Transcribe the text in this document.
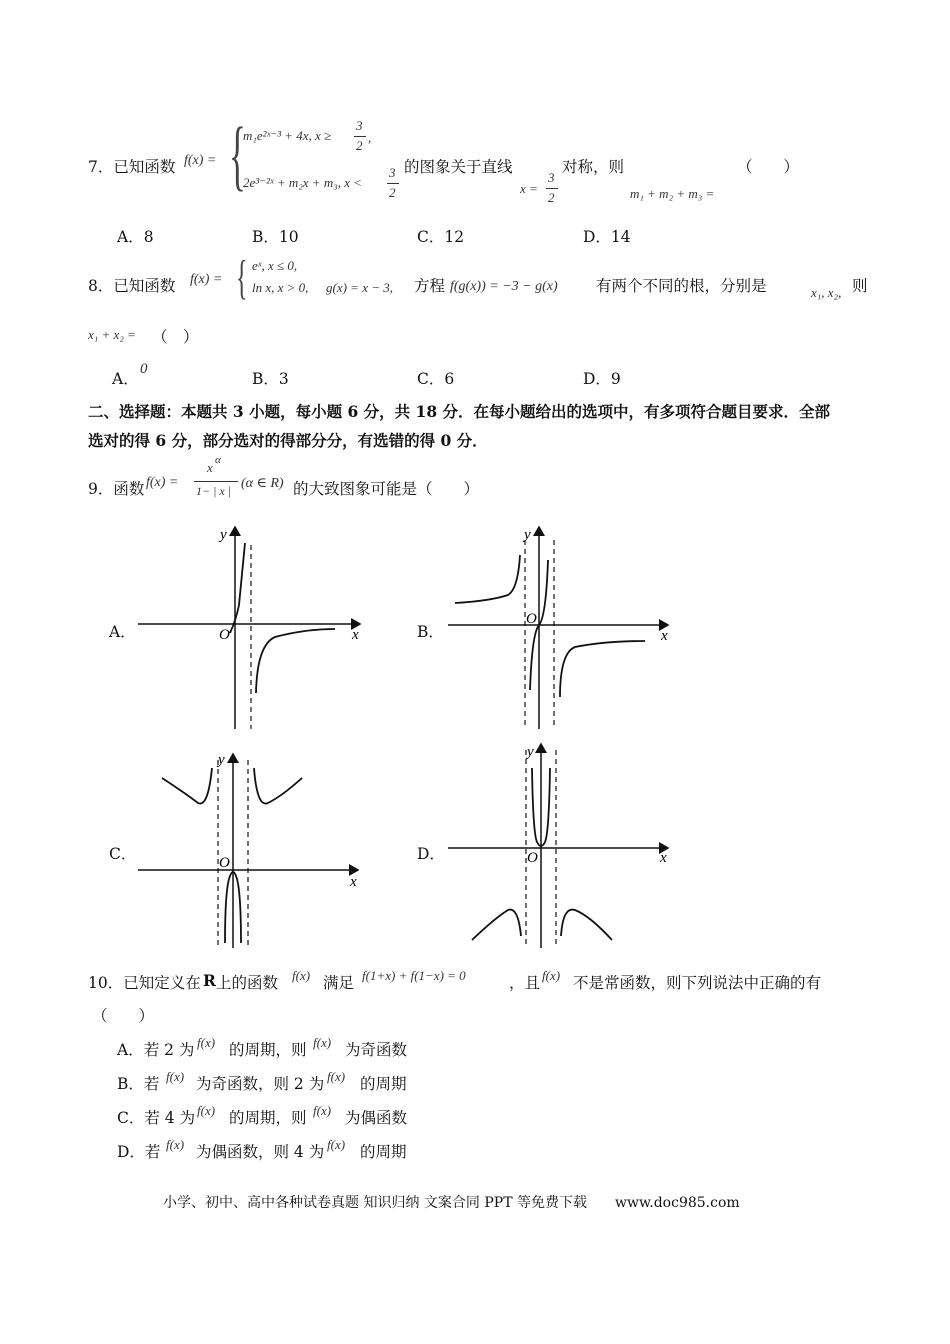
7．已知函数 f(x) = {
m₁e²ˣ⁻³ + 4x, x ≥
3
2
,
2e³⁻²ˣ + m₂x + m₃, x <
3
2
的图象关于直线
x =
3
2
对称，则
m₁ + m₂ + m₃ =
（　　）
A．8	B．10	C．12	D．14
8．已知函数 f(x) = { eˣ, x ≤ 0,
ln x, x > 0, g(x) = x − 3, 方程 f(g(x)) = −3 − g(x) 有两个不同的根，分别是	x₁, x₂, 则
x₁ + x₂ = （　）
A．
0
B．3	C．6	D．9
二、选择题：本题共 3 小题，每小题 6 分，共 18 分．在每小题给出的选项中，有多项符合题目要求．全部
选对的得 6 分，部分选对的得部分分，有选错的得 0 分．
9．函数 f(x) =
x α
1− | x | (α ∈ R) 的大致图象可能是（　　）
A．	x
y
O	B．	x
y
O
C．
x
y
O	D．	x
y
O
10．已知定义在 R 上的函数 f(x) 满足 f(1+x) + f(1−x) = 0	，且 f(x) 不是常函数，则下列说法中正确的有
（　　）
A．若 2 为 f(x) 的周期，则 f(x) 为奇函数
B．若 f(x) 为奇函数，则 2 为 f(x) 的周期
C．若 4 为 f(x) 的周期，则 f(x) 为偶函数
D．若 f(x) 为偶函数，则 4 为 f(x) 的周期
小学、初中、高中各种试卷真题 知识归纳 文案合同 PPT 等免费下载　　www.doc985.com
